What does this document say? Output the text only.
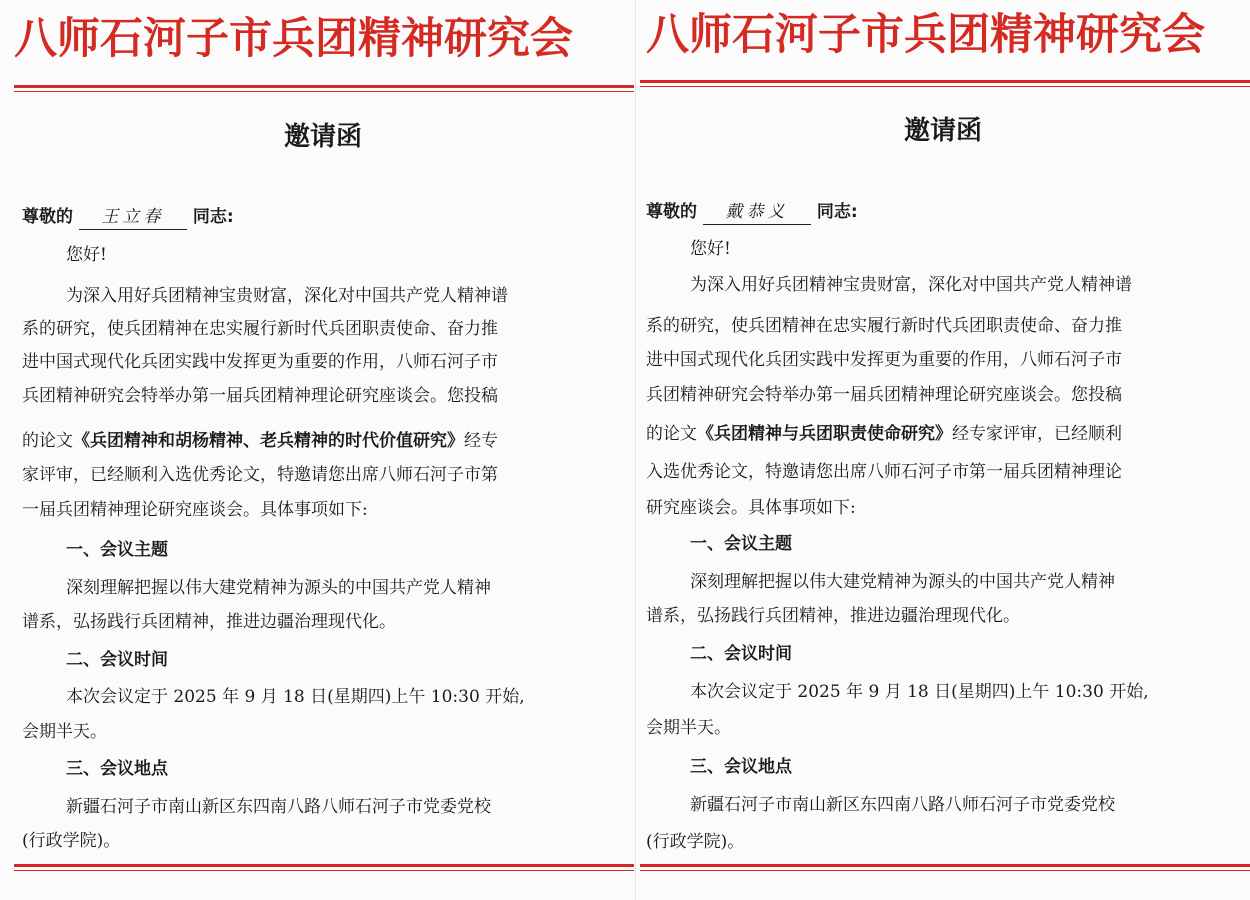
八师石河子市兵团精神研究会
邀请函
尊敬的 王立春 同志:
您好!
为深入用好兵团精神宝贵财富，深化对中国共产党人精神谱
系的研究，使兵团精神在忠实履行新时代兵团职责使命、奋力推
进中国式现代化兵团实践中发挥更为重要的作用，八师石河子市
兵团精神研究会特举办第一届兵团精神理论研究座谈会。您投稿
的论文《兵团精神和胡杨精神、老兵精神的时代价值研究》经专
家评审，已经顺利入选优秀论文，特邀请您出席八师石河子市第
一届兵团精神理论研究座谈会。具体事项如下:
一、会议主题
深刻理解把握以伟大建党精神为源头的中国共产党人精神
谱系，弘扬践行兵团精神，推进边疆治理现代化。
二、会议时间
本次会议定于 2025 年 9 月 18 日(星期四)上午 10:30 开始,
会期半天。
三、会议地点
新疆石河子市南山新区东四南八路八师石河子市党委党校
(行政学院)。
八师石河子市兵团精神研究会
邀请函
尊敬的 戴恭义 同志:
您好!
为深入用好兵团精神宝贵财富，深化对中国共产党人精神谱
系的研究，使兵团精神在忠实履行新时代兵团职责使命、奋力推
进中国式现代化兵团实践中发挥更为重要的作用，八师石河子市
兵团精神研究会特举办第一届兵团精神理论研究座谈会。您投稿
的论文《兵团精神与兵团职责使命研究》经专家评审，已经顺利
入选优秀论文，特邀请您出席八师石河子市第一届兵团精神理论
研究座谈会。具体事项如下:
一、会议主题
深刻理解把握以伟大建党精神为源头的中国共产党人精神
谱系，弘扬践行兵团精神，推进边疆治理现代化。
二、会议时间
本次会议定于 2025 年 9 月 18 日(星期四)上午 10:30 开始,
会期半天。
三、会议地点
新疆石河子市南山新区东四南八路八师石河子市党委党校
(行政学院)。
